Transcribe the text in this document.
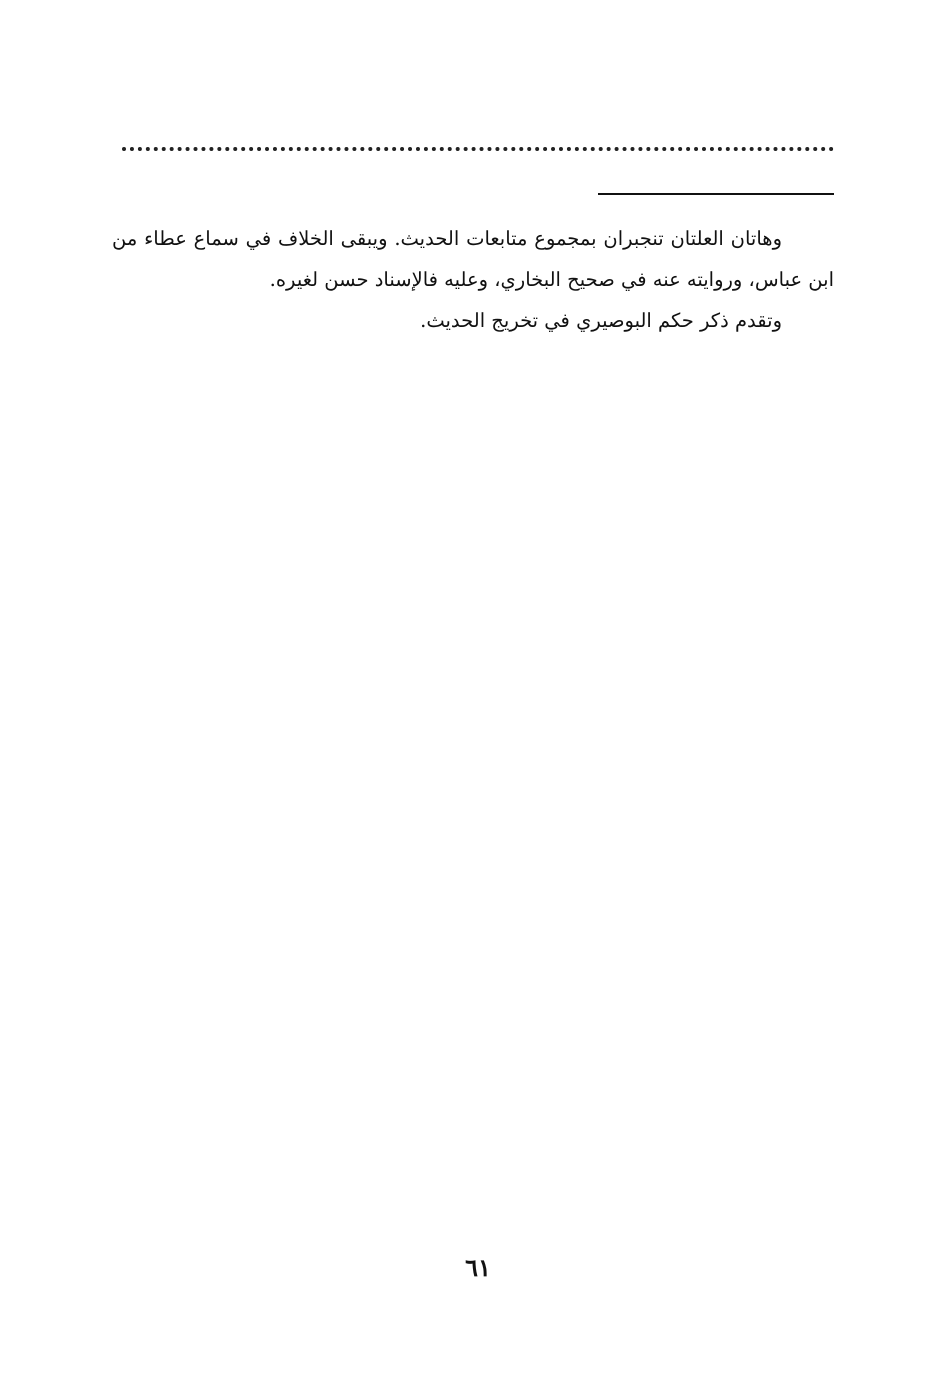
وهاتان العلتان تنجبران بمجموع متابعات الحديث. ويبقى الخلاف في سماع عطاء من ابن عباس، وروايته عنه في صحيح البخاري، وعليه فالإسناد حسن لغيره.

وتقدم ذكر حكم البوصيري في تخريج الحديث.

٦١
